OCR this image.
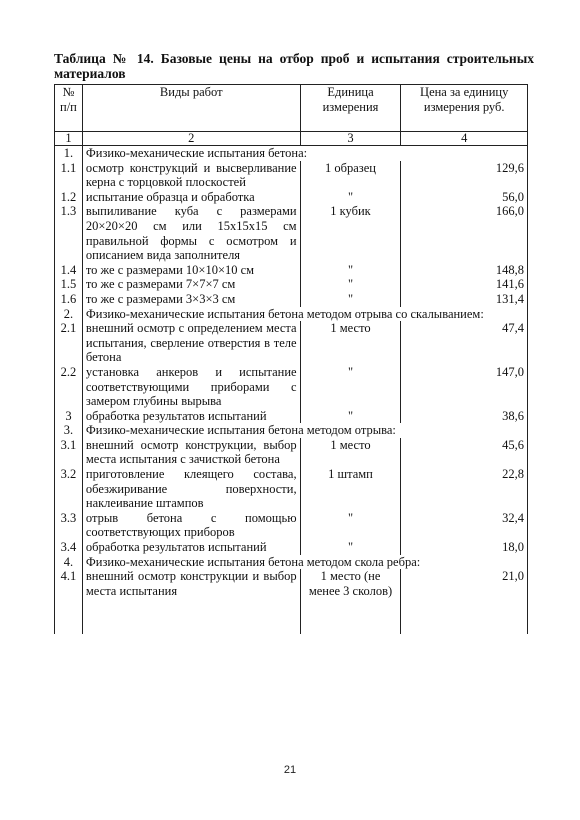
Таблица № 14. Базовые цены на отбор проб и испытания строительных материалов
№ п/п	Виды работ	Единица измерения	Цена за единицу измерения руб.
1	2	3	4
1.	Физико-механические испытания бетона:		
1.1	осмотр конструкций и высверливание керна с торцовкой плоскостей	1 образец	129,6
1.2	испытание образца и обработка	"	56,0
1.3	выпиливание куба с размерами 20×20×20 см или 15х15х15 см правильной формы с осмотром и описанием вида заполнителя	1 кубик	166,0
1.4	то же с размерами 10×10×10 см	"	148,8
1.5	то же с размерами 7×7×7 см	"	141,6
1.6	то же с размерами 3×3×3 см	"	131,4
2.	Физико-механические испытания бетона методом отрыва со скалыванием:		
2.1	внешний осмотр с определением места испытания, сверление отверстия в теле бетона	1 место	47,4
2.2	установка анкеров и испытание соответствующими приборами с замером глубины вырыва	"	147,0
3	обработка результатов испытаний	"	38,6
3.	Физико-механические испытания бетона методом отрыва:		
3.1	внешний осмотр конструкции, выбор места испытания с зачисткой бетона	1 место	45,6
3.2	приготовление клеящего состава, обезжиривание поверхности, наклеивание штампов	1 штамп	22,8
3.3	отрыв бетона с помощью соответствующих приборов	"	32,4
3.4	обработка результатов испытаний	"	18,0
4.	Физико-механические испытания бетона методом скола ребра:		
4.1	внешний осмотр конструкции и выбор места испытания	1 место (не менее 3 сколов)	21,0

21
